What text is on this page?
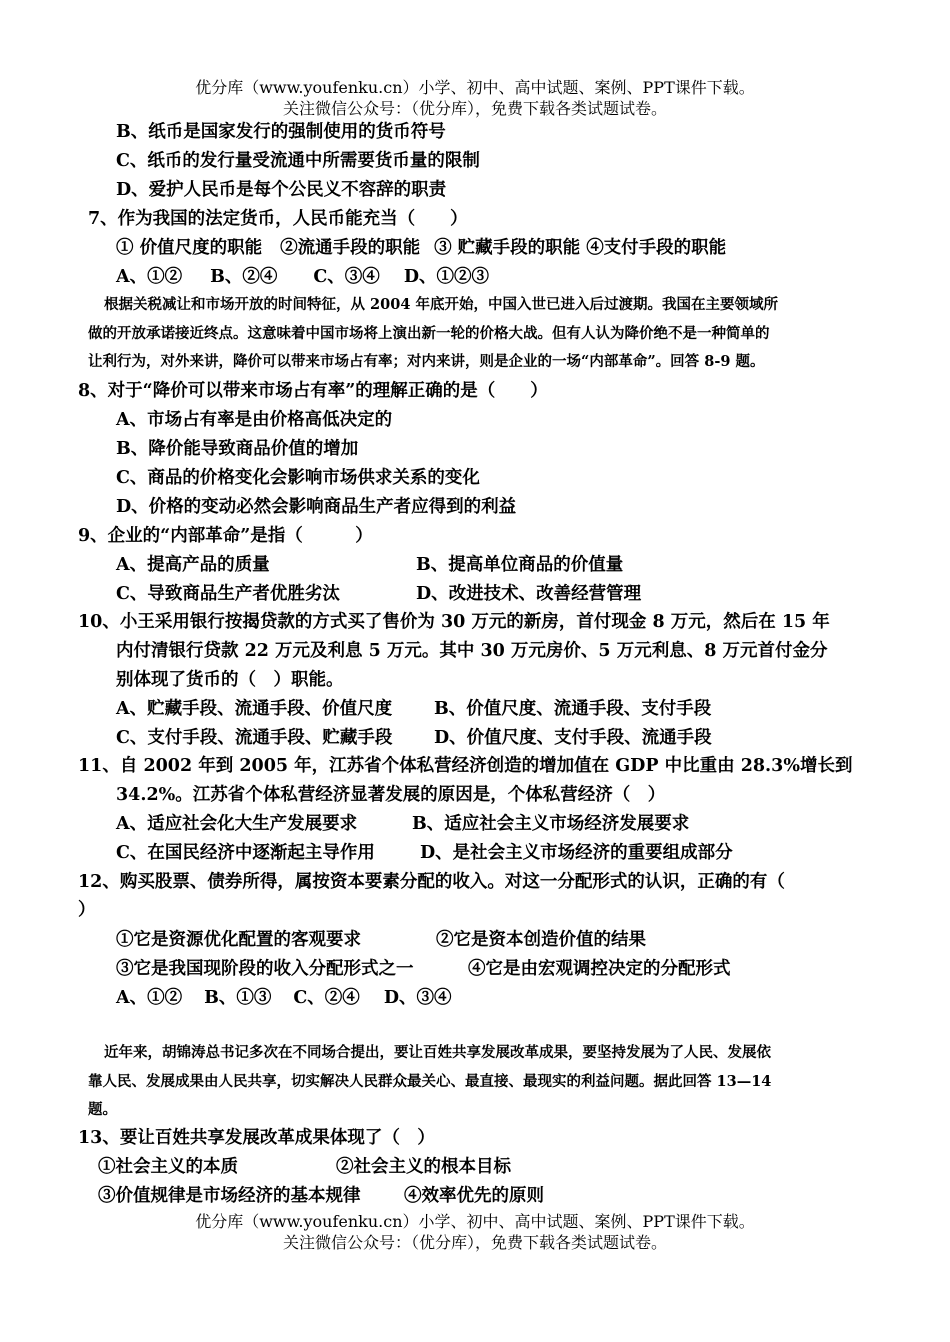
优分库（www.youfenku.cn）小学、初中、高中试题、案例、PPT课件下载。
关注微信公众号：（优分库），免费下载各类试题试卷。
B、纸币是国家发行的强制使用的货币符号
C、纸币的发行量受流通中所需要货币量的限制
D、爱护人民币是每个公民义不容辞的职责
7、作为我国的法定货币，人民币能充当（　　）
① 价值尺度的职能 ②流通手段的职能 ③ 贮藏手段的职能 ④支付手段的职能
A、①② B、②④ C、③④ D、①②③
根据关税减让和市场开放的时间特征，从 2004 年底开始，中国入世已进入后过渡期。我国在主要领域所
做的开放承诺接近终点。这意味着中国市场将上演出新一轮的价格大战。但有人认为降价绝不是一种简单的
让利行为，对外来讲，降价可以带来市场占有率；对内来讲，则是企业的一场“内部革命”。回答 8-9 题。
8、对于“降价可以带来市场占有率”的理解正确的是（　　）
A、市场占有率是由价格高低决定的
B、降价能导致商品价值的增加
C、商品的价格变化会影响市场供求关系的变化
D、价格的变动必然会影响商品生产者应得到的利益
9、企业的“内部革命”是指（　　　）
A、提高产品的质量	B、提高单位商品的价值量
C、导致商品生产者优胜劣汰	D、改进技术、改善经营管理
10、小王采用银行按揭贷款的方式买了售价为 30 万元的新房，首付现金 8 万元，然后在 15 年
内付清银行贷款 22 万元及利息 5 万元。其中 30 万元房价、5 万元利息、8 万元首付金分
别体现了货币的（　）职能。
A、贮藏手段、流通手段、价值尺度 B、价值尺度、流通手段、支付手段
C、支付手段、流通手段、贮藏手段 D、价值尺度、支付手段、流通手段
11、自 2002 年到 2005 年，江苏省个体私营经济创造的增加值在 GDP 中比重由 28.3%增长到
34.2%。江苏省个体私营经济显著发展的原因是，个体私营经济（　）
A、适应社会化大生产发展要求	B、适应社会主义市场经济发展要求
C、在国民经济中逐渐起主导作用	D、是社会主义市场经济的重要组成部分
12、购买股票、债券所得，属按资本要素分配的收入。对这一分配形式的认识，正确的有（
）
①它是资源优化配置的客观要求	②它是资本创造价值的结果
③它是我国现阶段的收入分配形式之一	④它是由宏观调控决定的分配形式
A、①② B、①③ C、②④ D、③④
近年来，胡锦涛总书记多次在不同场合提出，要让百姓共享发展改革成果，要坚持发展为了人民、发展依
靠人民、发展成果由人民共享，切实解决人民群众最关心、最直接、最现实的利益问题。据此回答 13—14
题。
13、要让百姓共享发展改革成果体现了（　）
①社会主义的本质	②社会主义的根本目标
③价值规律是市场经济的基本规律 ④效率优先的原则
优分库（www.youfenku.cn）小学、初中、高中试题、案例、PPT课件下载。
关注微信公众号：（优分库），免费下载各类试题试卷。
